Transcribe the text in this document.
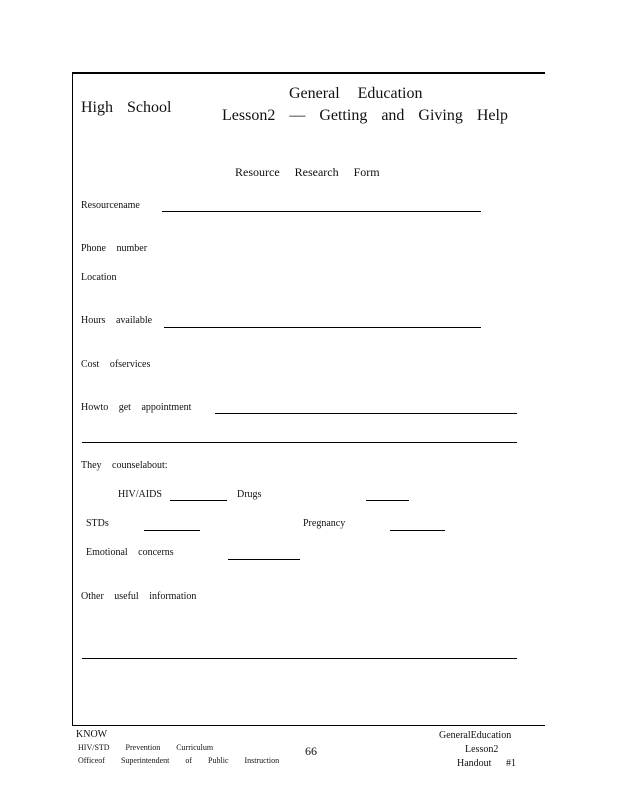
High School
General Education
Lesson2 — Getting and Giving Help
Resource Research Form
Resourcename
Phone number
Location
Hours available
Cost ofservices
Howto get appointment
They counselabout:
HIV/AIDS	Drugs
STDs	Pregnancy
Emotional concerns
Other useful information
KNOW
HIV/STD Prevention Curriculum
Officeof Superintendent of Public Instruction
66
GeneralEducation
Lesson2
Handout #1
